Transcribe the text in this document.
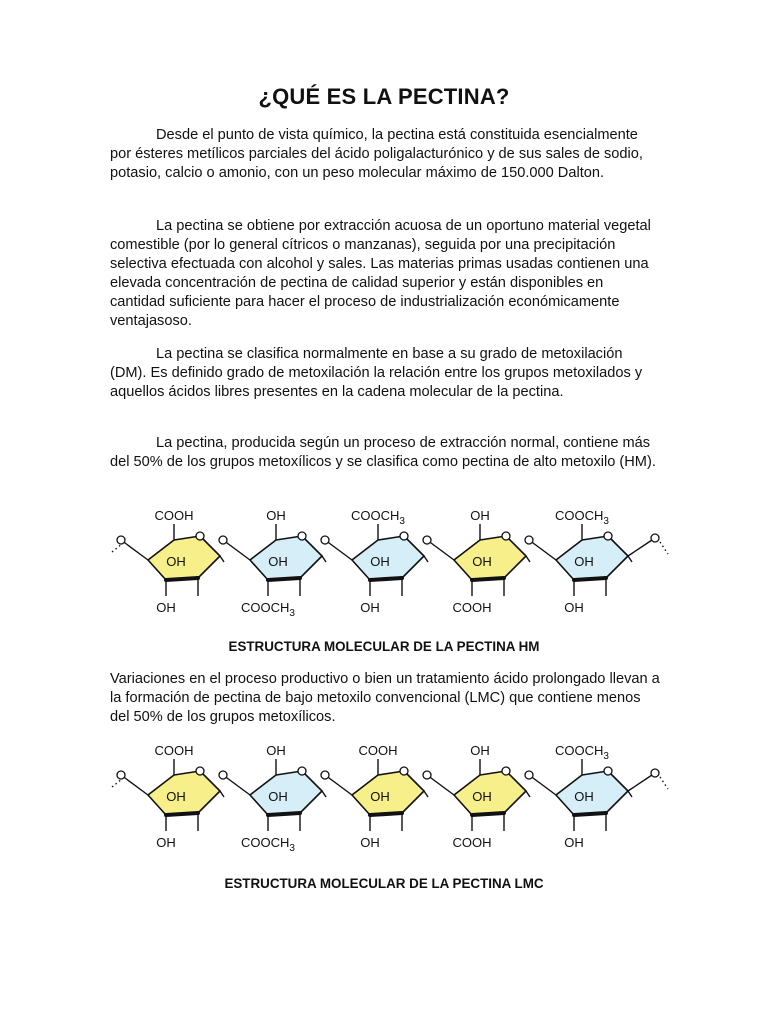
¿QUÉ ES LA PECTINA?

Desde el punto de vista químico, la pectina está constituida esencialmente por ésteres metílicos parciales del ácido poligalacturónico y de sus sales de sodio, potasio, calcio o amonio, con un peso molecular máximo de 150.000 Dalton.

La pectina se obtiene por extracción acuosa de un oportuno material vegetal comestible (por lo general cítricos o manzanas), seguida por una precipitación selectiva efectuada con alcohol y sales. Las materias primas usadas contienen una elevada concentración de pectina de calidad superior y están disponibles en cantidad suficiente para hacer el proceso de industrialización económicamente ventajasoso.

La pectina se clasifica normalmente en base a su grado de metoxilación (DM). Es definido grado de metoxilación la relación entre los grupos metoxilados y aquellos ácidos libres presentes en la cadena molecular de la pectina.

La pectina, producida según un proceso de extracción normal, contiene más del 50% de los grupos metoxílicos y se clasifica como pectina de alto metoxilo (HM).

COOH
OH
OH
OH
OH
$COOCH_3$
$COOCH_3$
OH
OH
OH
OH
COOH
$COOCH_3$
OH
OH

ESTRUCTURA MOLECULAR DE LA PECTINA HM

Variaciones en el proceso productivo o bien un tratamiento ácido prolongado llevan a la formación de pectina de bajo metoxilo convencional (LMC) que contiene menos del 50% de los grupos metoxílicos.

COOH
OH
OH
OH
OH
$COOCH_3$
COOH
OH
OH
OH
OH
COOH
$COOCH_3$
OH
OH

ESTRUCTURA MOLECULAR DE LA PECTINA LMC
